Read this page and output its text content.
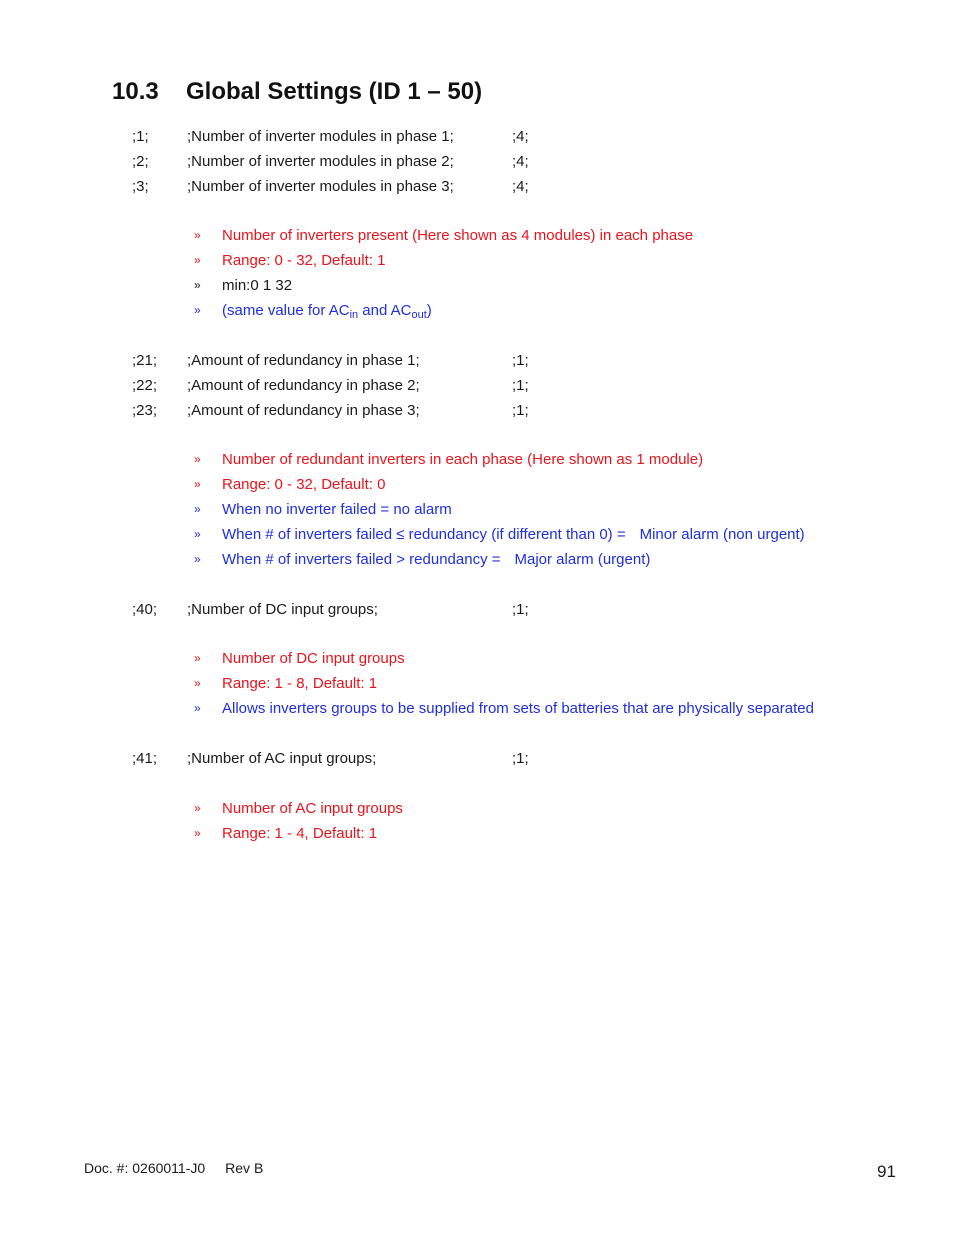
10.3 Global Settings (ID 1 – 50)
;1;	;Number of inverter modules in phase 1;	;4;
;2;	;Number of inverter modules in phase 2;	;4;
;3;	;Number of inverter modules in phase 3;	;4;
» Number of inverters present (Here shown as 4 modules) in each phase
» Range: 0 - 32, Default: 1
» min:0 1 32
» (same value for $AC_{in}$ and $AC_{out}$)
;21; ;Amount of redundancy in phase 1;	;1;
;22; ;Amount of redundancy in phase 2;	;1;
;23; ;Amount of redundancy in phase 3;	;1;
» Number of redundant inverters in each phase (Here shown as 1 module)
» Range: 0 - 32, Default: 0
» When no inverter failed = no alarm
» When # of inverters failed ≤ redundancy (if different than 0) = Minor alarm (non urgent)
» When # of inverters failed > redundancy = Major alarm (urgent)
;40; ;Number of DC input groups;	;1;
» Number of DC input groups
» Range: 1 - 8, Default: 1
» Allows inverters groups to be supplied from sets of batteries that are physically separated
;41; ;Number of AC input groups;	;1;
» Number of AC input groups
» Range: 1 - 4, Default: 1
Doc. #: 0260011-J0 Rev B	91
